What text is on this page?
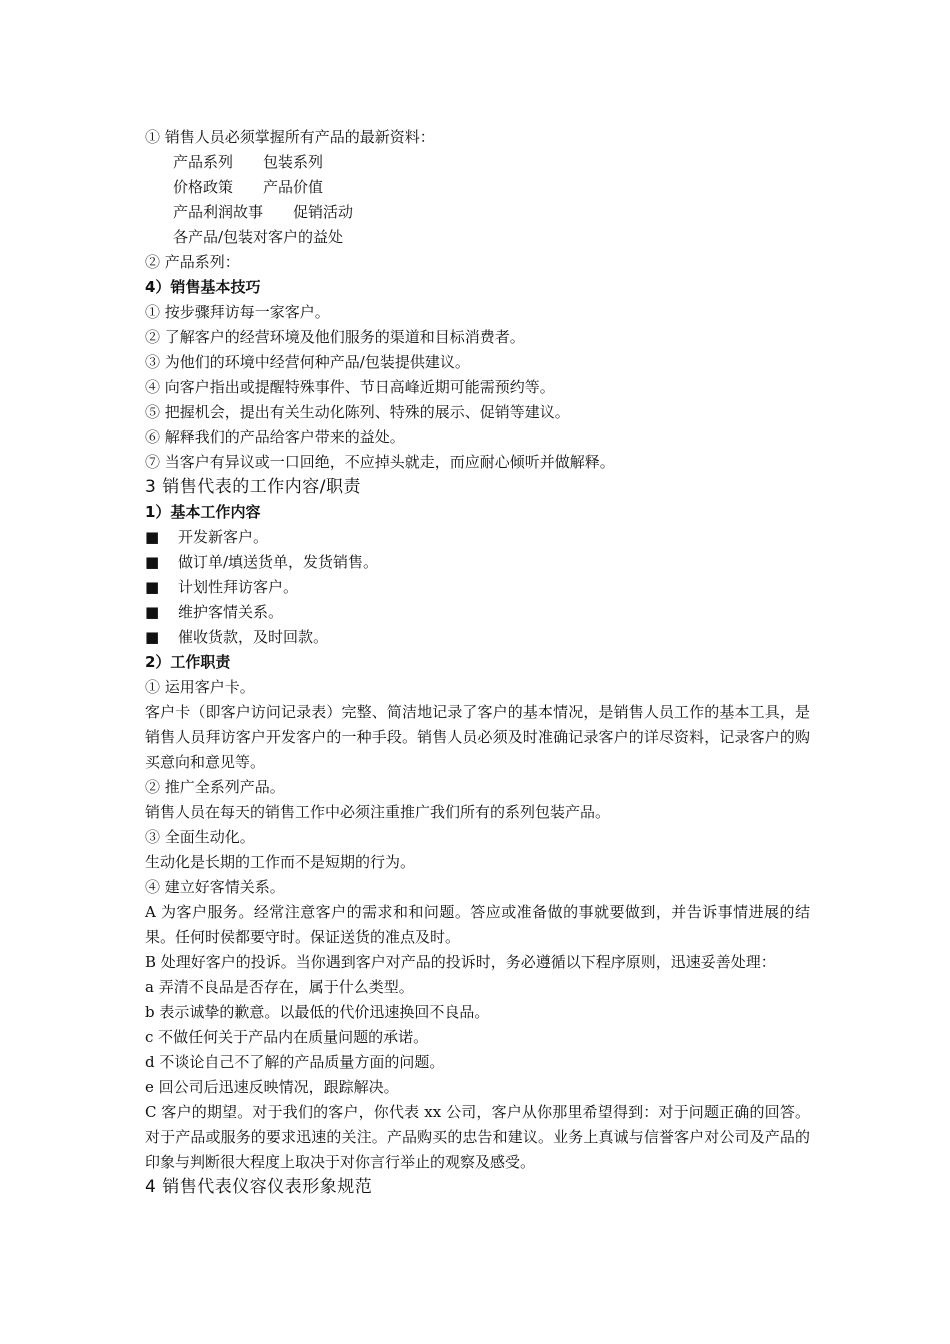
① 销售人员必须掌握所有产品的最新资料：
产品系列 包装系列
价格政策 产品价值
产品利润故事 促销活动
各产品/包装对客户的益处
② 产品系列：
4）销售基本技巧
① 按步骤拜访每一家客户。
② 了解客户的经营环境及他们服务的渠道和目标消费者。
③ 为他们的环境中经营何种产品/包装提供建议。
④ 向客户指出或提醒特殊事件、节日高峰近期可能需预约等。
⑤ 把握机会，提出有关生动化陈列、特殊的展示、促销等建议。
⑥ 解释我们的产品给客户带来的益处。
⑦ 当客户有异议或一口回绝，不应掉头就走，而应耐心倾听并做解释。
3 销售代表的工作内容/职责
1）基本工作内容
■	开发新客户。
■	做订单/填送货单，发货销售。
■	计划性拜访客户。
■	维护客情关系。
■	催收货款，及时回款。
2）工作职责
① 运用客户卡。
客户卡（即客户访问记录表）完整、简洁地记录了客户的基本情况，是销售人员工作的基本工具，是销售人员拜访客户开发客户的一种手段。销售人员必须及时准确记录客户的详尽资料，记录客户的购买意向和意见等。
② 推广全系列产品。
销售人员在每天的销售工作中必须注重推广我们所有的系列包装产品。
③ 全面生动化。
生动化是长期的工作而不是短期的行为。
④ 建立好客情关系。
A 为客户服务。经常注意客户的需求和和问题。答应或准备做的事就要做到，并告诉事情进展的结果。任何时侯都要守时。保证送货的准点及时。
B 处理好客户的投诉。当你遇到客户对产品的投诉时，务必遵循以下程序原则，迅速妥善处理：
a 弄清不良品是否存在，属于什么类型。
b 表示诚挚的歉意。以最低的代价迅速换回不良品。
c 不做任何关于产品内在质量问题的承诺。
d 不谈论自己不了解的产品质量方面的问题。
e 回公司后迅速反映情况，跟踪解决。
C 客户的期望。对于我们的客户，你代表 xx 公司，客户从你那里希望得到：对于问题正确的回答。对于产品或服务的要求迅速的关注。产品购买的忠告和建议。业务上真诚与信誉客户对公司及产品的印象与判断很大程度上取决于对你言行举止的观察及感受。
4 销售代表仪容仪表形象规范
